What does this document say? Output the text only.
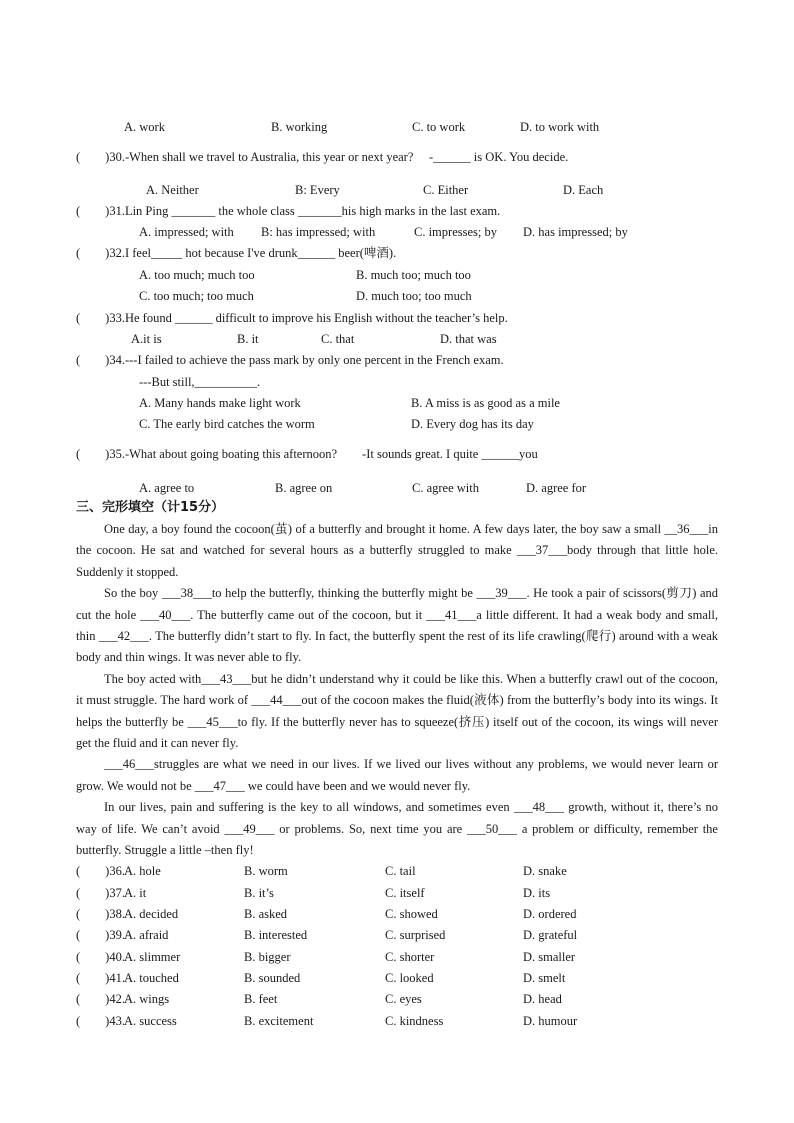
A. work	B. working	C. to work	D. to work with
(　　)30.-When shall we travel to Australia, this year or next year?　 -______ is OK. You decide.
A. Neither	B: Every	C. Either	D. Each
(　　)31.Lin Ping _______ the whole class _______his high marks in the last exam.
A. impressed; with B: has impressed; with	C. impresses; by D. has impressed; by
(　　)32.I feel_____ hot because I've drunk______ beer(啤酒).
A. too much; much too	B. much too; much too
C. too much; too much	D. much too; too much
(　　)33.He found ______ difficult to improve his English without the teacher’s help.
A.it is	B. it	C. that	D. that was
(　　)34.---I failed to achieve the pass mark by only one percent in the French exam.
---But still,__________.
A. Many hands make light work	B. A miss is as good as a mile
C. The early bird catches the worm	D. Every dog has its day
(　　)35.-What about going boating this afternoon?　　-It sounds great. I quite ______you
A. agree to	B. agree on	C. agree with	D. agree for
三、完形填空（计15分）

One day, a boy found the cocoon(茧) of a butterfly and brought it home. A few days later, the boy saw a small __36___in the cocoon. He sat and watched for several hours as a butterfly struggled to make ___37___body through that little hole. Suddenly it stopped.

So the boy ___38___to help the butterfly, thinking the butterfly might be ___39___. He took a pair of scissors(剪刀) and cut the hole ___40___. The butterfly came out of the cocoon, but it ___41___a little different. It had a weak body and small, thin ___42___. The butterfly didn’t start to fly. In fact, the butterfly spent the rest of its life crawling(爬行) around with a weak body and thin wings. It was never able to fly.

The boy acted with___43___but he didn’t understand why it could be like this. When a butterfly crawl out of the cocoon, it must struggle. The hard work of ___44___out of the cocoon makes the fluid(液体) from the butterfly’s body into its wings. It helps the butterfly be ___45___to fly. If the butterfly never has to squeeze(挤压) itself out of the cocoon, its wings will never get the fluid and it can never fly.

___46___struggles are what we need in our lives. If we lived our lives without any problems, we would never learn or grow. We would not be ___47___ we could have been and we would never fly.

In our lives, pain and suffering is the key to all windows, and sometimes even ___48___ growth, without it, there’s no way of life. We can’t avoid ___49___ or problems. So, next time you are ___50___ a problem or difficulty, remember the butterfly. Struggle a little –then fly!

(　　)36. A. hole	B. worm	C. tail	D. snake
(　　)37. A. it	B. it’s	C. itself	D. its
(　　)38. A. decided	B. asked	C. showed	D. ordered
(　　)39. A. afraid	B. interested	C. surprised	D. grateful
(　　)40. A. slimmer	B. bigger	C. shorter	D. smaller
(　　)41. A. touched	B. sounded	C. looked	D. smelt
(　　)42. A. wings	B. feet	C. eyes	D. head
(　　)43. A. success	B. excitement	C. kindness	D. humour
